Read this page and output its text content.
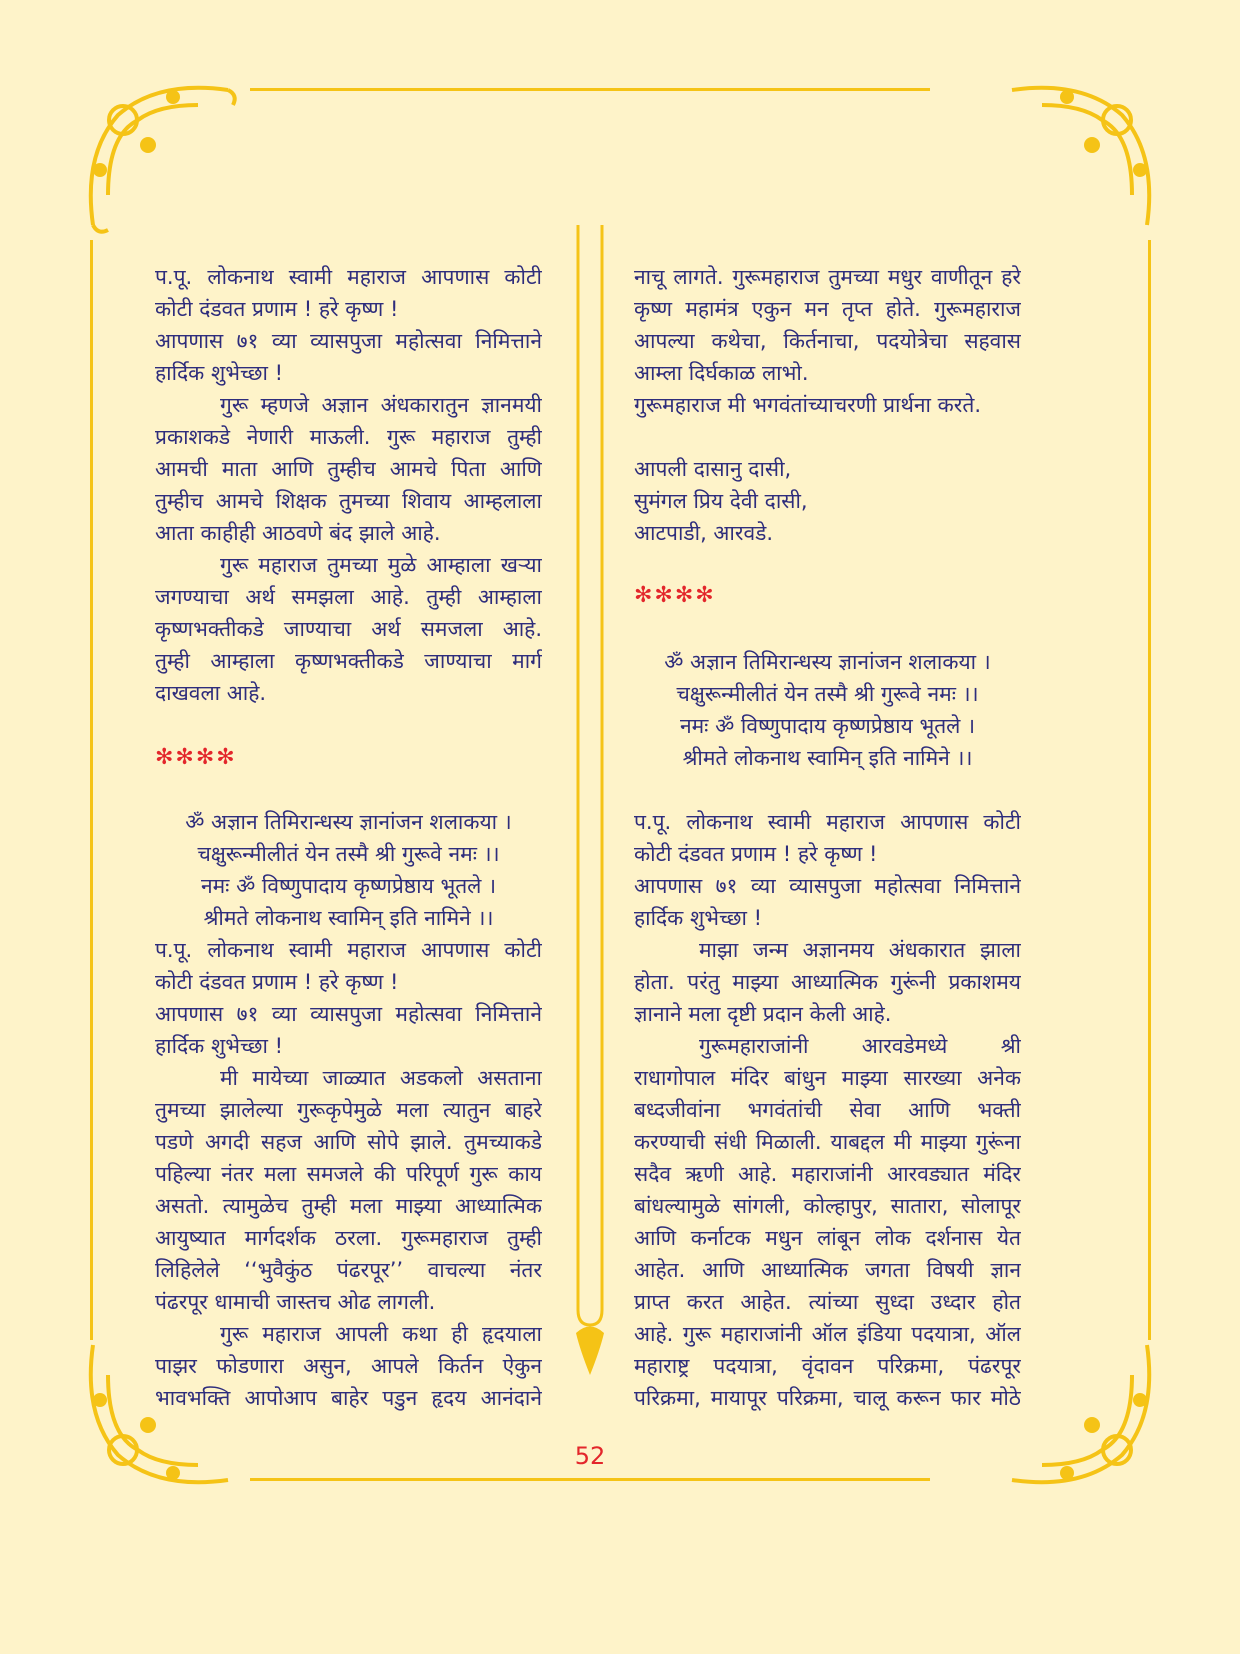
प.पू. लोकनाथ स्वामी महाराज आपणास कोटी
कोटी दंडवत प्रणाम ! हरे कृष्ण !
आपणास ७१ व्या व्यासपुजा महोत्सवा निमित्ताने
हार्दिक शुभेच्छा !
गुरू म्हणजे अज्ञान अंधकारातुन ज्ञानमयी
प्रकाशकडे नेणारी माऊली. गुरू महाराज तुम्ही
आमची माता आणि तुम्हीच आमचे पिता आणि
तुम्हीच आमचे शिक्षक तुमच्या शिवाय आम्हलाला
आता काहीही आठवणे बंद झाले आहे.
गुरू महाराज तुमच्या मुळे आम्हाला खऱ्या
जगण्याचा अर्थ समझला आहे. तुम्ही आम्हाला
कृष्णभक्तीकडे जाण्याचा अर्थ समजला आहे.
तुम्ही आम्हाला कृष्णभक्तीकडे जाण्याचा मार्ग
दाखवला आहे.
✻✻✻✻
ॐ अज्ञान तिमिरान्धस्य ज्ञानांजन शलाकया ।
चक्षुरून्मीलीतं येन तस्मै श्री गुरूवे नमः ।।
नमः ॐ विष्णुपादाय कृष्णप्रेष्ठाय भूतले ।
श्रीमते लोकनाथ स्वामिन् इति नामिने ।।
प.पू. लोकनाथ स्वामी महाराज आपणास कोटी
कोटी दंडवत प्रणाम ! हरे कृष्ण !
आपणास ७१ व्या व्यासपुजा महोत्सवा निमित्ताने
हार्दिक शुभेच्छा !
मी मायेच्या जाळ्यात अडकलो असताना
तुमच्या झालेल्या गुरूकृपेमुळे मला त्यातुन बाहरे
पडणे अगदी सहज आणि सोपे झाले. तुमच्याकडे
पहिल्या नंतर मला समजले की परिपूर्ण गुरू काय
असतो. त्यामुळेच तुम्ही मला माझ्या आध्यात्मिक
आयुष्यात मार्गदर्शक ठरला. गुरूमहाराज तुम्ही
लिहिलेले ‘‘भुवैकुंठ पंढरपूर’’ वाचल्या नंतर
पंढरपूर धामाची जास्तच ओढ लागली.
गुरू महाराज आपली कथा ही हृदयाला
पाझर फोडणारा असुन, आपले किर्तन ऐकुन
भावभक्ति आपोआप बाहेर पडुन हृदय आनंदाने
नाचू लागते. गुरूमहाराज तुमच्या मधुर वाणीतून हरे
कृष्ण महामंत्र एकुन मन तृप्त होते. गुरूमहाराज
आपल्या कथेचा, किर्तनाचा, पदयोत्रेचा सहवास
आम्ला दिर्घकाळ लाभो.
गुरूमहाराज मी भगवंतांच्याचरणी प्रार्थना करते.
आपली दासानु दासी,
सुमंगल प्रिय देवी दासी,
आटपाडी, आरवडे.
✻✻✻✻
ॐ अज्ञान तिमिरान्धस्य ज्ञानांजन शलाकया ।
चक्षुरून्मीलीतं येन तस्मै श्री गुरूवे नमः ।।
नमः ॐ विष्णुपादाय कृष्णप्रेष्ठाय भूतले ।
श्रीमते लोकनाथ स्वामिन् इति नामिने ।।
प.पू. लोकनाथ स्वामी महाराज आपणास कोटी
कोटी दंडवत प्रणाम ! हरे कृष्ण !
आपणास ७१ व्या व्यासपुजा महोत्सवा निमित्ताने
हार्दिक शुभेच्छा !
माझा जन्म अज्ञानमय अंधकारात झाला
होता. परंतु माझ्या आध्यात्मिक गुरूंनी प्रकाशमय
ज्ञानाने मला दृष्टी प्रदान केली आहे.
गुरूमहाराजांनी आरवडेमध्ये श्री
राधागोपाल मंदिर बांधुन माझ्या सारख्या अनेक
बध्दजीवांना भगवंतांची सेवा आणि भक्ती
करण्याची संधी मिळाली. याबद्दल मी माझ्या गुरूंना
सदैव ऋणी आहे. महाराजांनी आरवड्यात मंदिर
बांधल्यामुळे सांगली, कोल्हापुर, सातारा, सोलापूर
आणि कर्नाटक मधुन लांबून लोक दर्शनास येत
आहेत. आणि आध्यात्मिक जगता विषयी ज्ञान
प्राप्त करत आहेत. त्यांच्या सुध्दा उध्दार होत
आहे. गुरू महाराजांनी ऑल इंडिया पदयात्रा, ऑल
महाराष्ट्र पदयात्रा, वृंदावन परिक्रमा, पंढरपूर
परिक्रमा, मायापूर परिक्रमा, चालू करून फार मोठे
52
